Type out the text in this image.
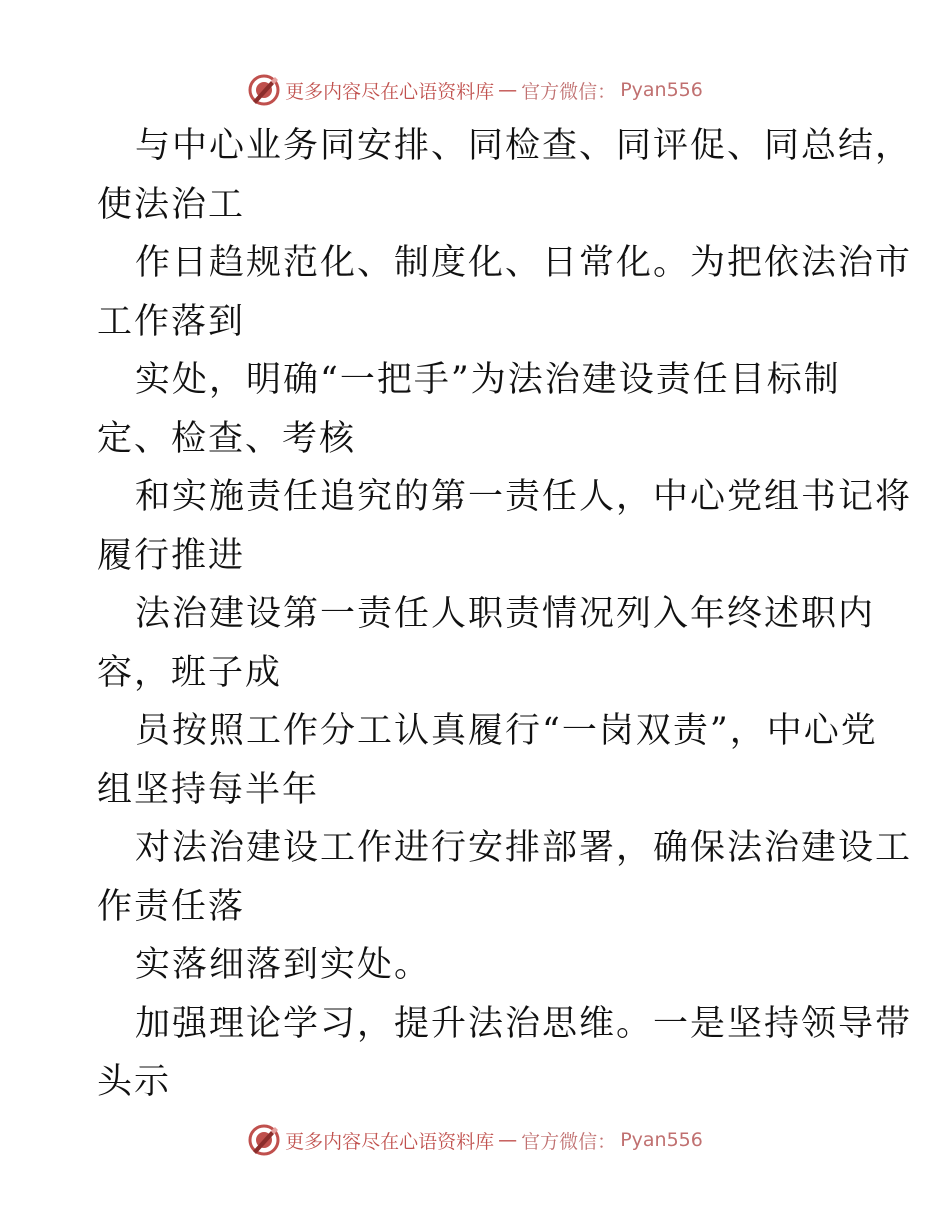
更多内容尽在心语资料库 — 官方微信： Pyan556
与中心业务同安排、同检查、同评促、同总结，
使法治工
作日趋规范化、制度化、日常化。为把依法治市
工作落到
实处，明确“一把手”为法治建设责任目标制
定、检查、考核
和实施责任追究的第一责任人，中心党组书记将
履行推进
法治建设第一责任人职责情况列入年终述职内
容，班子成
员按照工作分工认真履行“一岗双责”，中心党
组坚持每半年
对法治建设工作进行安排部署，确保法治建设工
作责任落
实落细落到实处。
加强理论学习，提升法治思维。一是坚持领导带
头示
更多内容尽在心语资料库 — 官方微信： Pyan556
